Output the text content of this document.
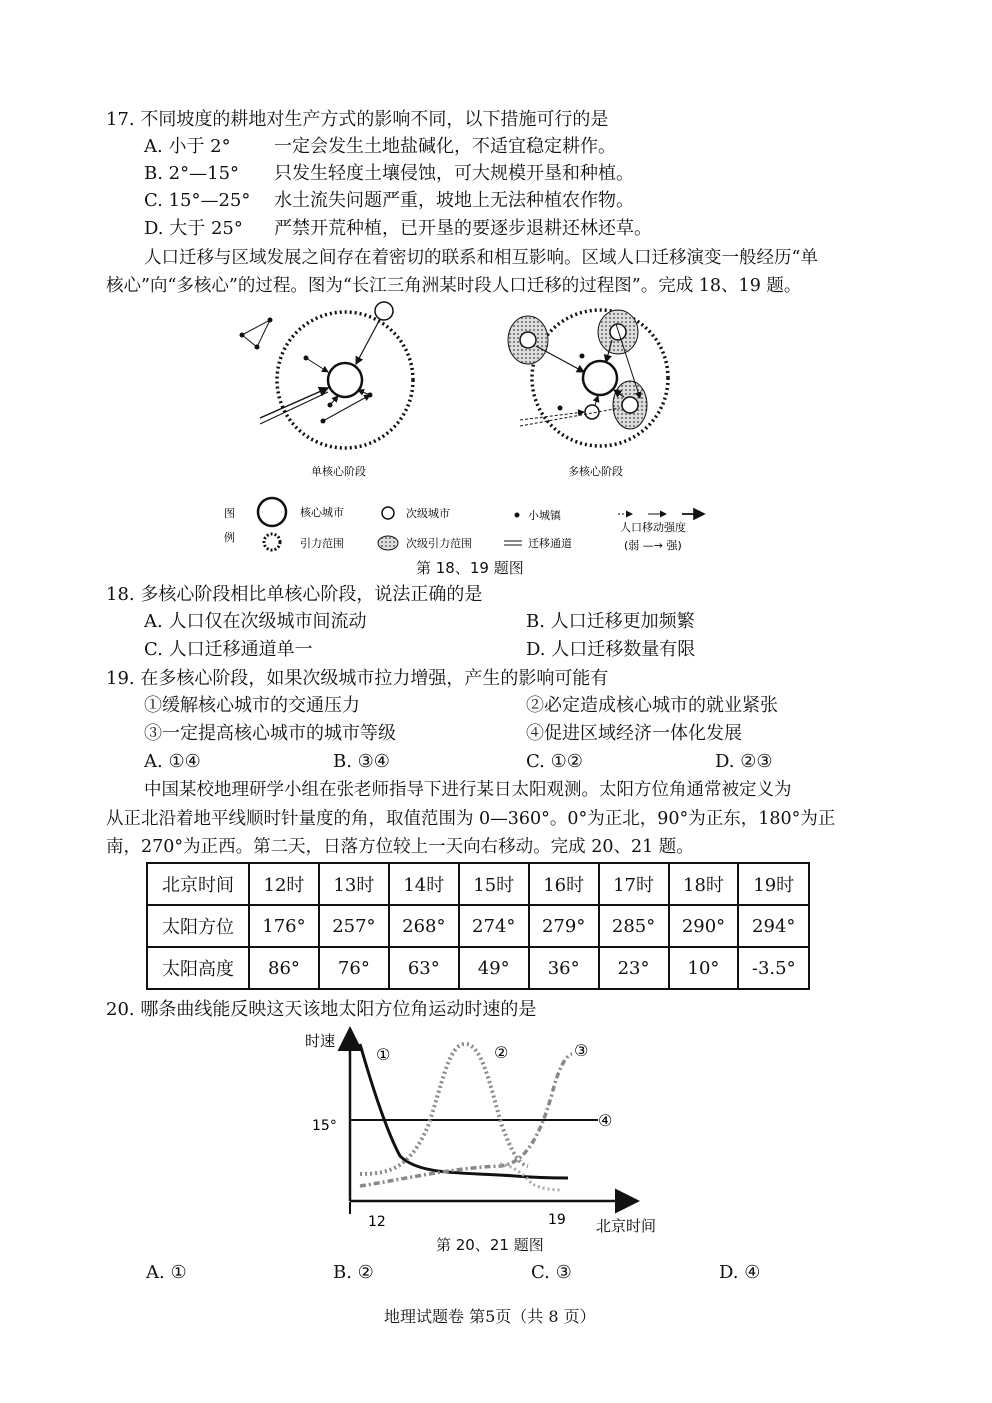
17. 不同坡度的耕地对生产方式的影响不同，以下措施可行的是
A. 小于 2° 一定会发生土地盐碱化，不适宜稳定耕作。
B. 2°—15° 只发生轻度土壤侵蚀，可大规模开垦和种植。
C. 15°—25° 水土流失问题严重，坡地上无法种植农作物。
D. 大于 25° 严禁开荒种植，已开垦的要逐步退耕还林还草。
人口迁移与区域发展之间存在着密切的联系和相互影响。区域人口迁移演变一般经历“单
核心”向“多核心”的过程。图为“长江三角洲某时段人口迁移的过程图”。完成 18、19 题。
单核心阶段	多核心阶段
图
例
核心城市	次级城市	小城镇
人口移动强度
(弱 —→ 强)
引力范围	次级引力范围	迁移通道
第 18、19 题图
18. 多核心阶段相比单核心阶段，说法正确的是
A. 人口仅在次级城市间流动	B. 人口迁移更加频繁
C. 人口迁移通道单一	D. 人口迁移数量有限
19. 在多核心阶段，如果次级城市拉力增强，产生的影响可能有
①缓解核心城市的交通压力	②必定造成核心城市的就业紧张
③一定提高核心城市的城市等级	④促进区域经济一体化发展
A. ①④	B. ③④	C. ①②	D. ②③
中国某校地理研学小组在张老师指导下进行某日太阳观测。太阳方位角通常被定义为
从正北沿着地平线顺时针量度的角，取值范围为 0—360°。0°为正北，90°为正东，180°为正
南，270°为正西。第二天，日落方位较上一天向右移动。完成 20、21 题。
北京时间	12时	13时	14时	15时	16时	17时	18时	19时
太阳方位	176°	257°	268°	274°	279°	285°	290°	294°
太阳高度	86°	76°	63°	49°	36°	23°	10°	-3.5°
20. 哪条曲线能反映这天该地太阳方位角运动时速的是
时速
北京时间
15°
12	19
①	②	③
④
第 20、21 题图
A. ①	B. ②	C. ③	D. ④
地理试题卷 第5页（共 8 页）
